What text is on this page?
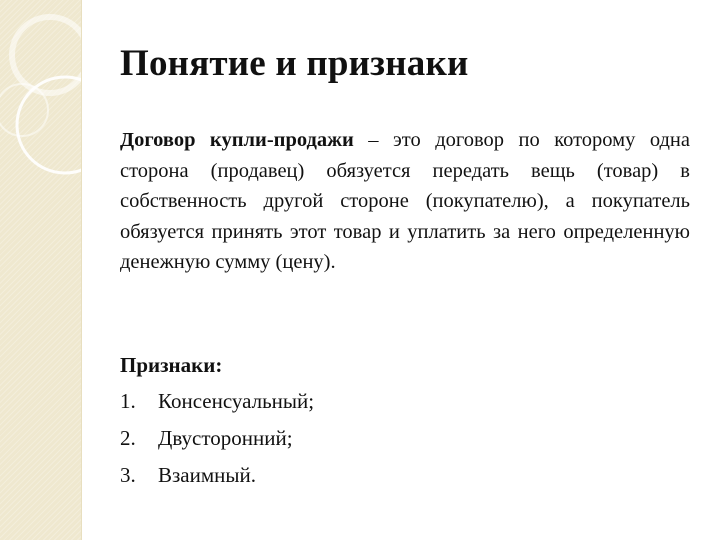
Понятие и признаки

Договор купли-продажи – это договор по которому одна сторона (продавец) обязуется передать вещь (товар) в собственность другой стороне (покупателю), а покупатель обязуется принять этот товар и уплатить за него определенную денежную сумму (цену).

Признаки:

1.	Консенсуальный;
2.	Двусторонний;
3.	Взаимный.
